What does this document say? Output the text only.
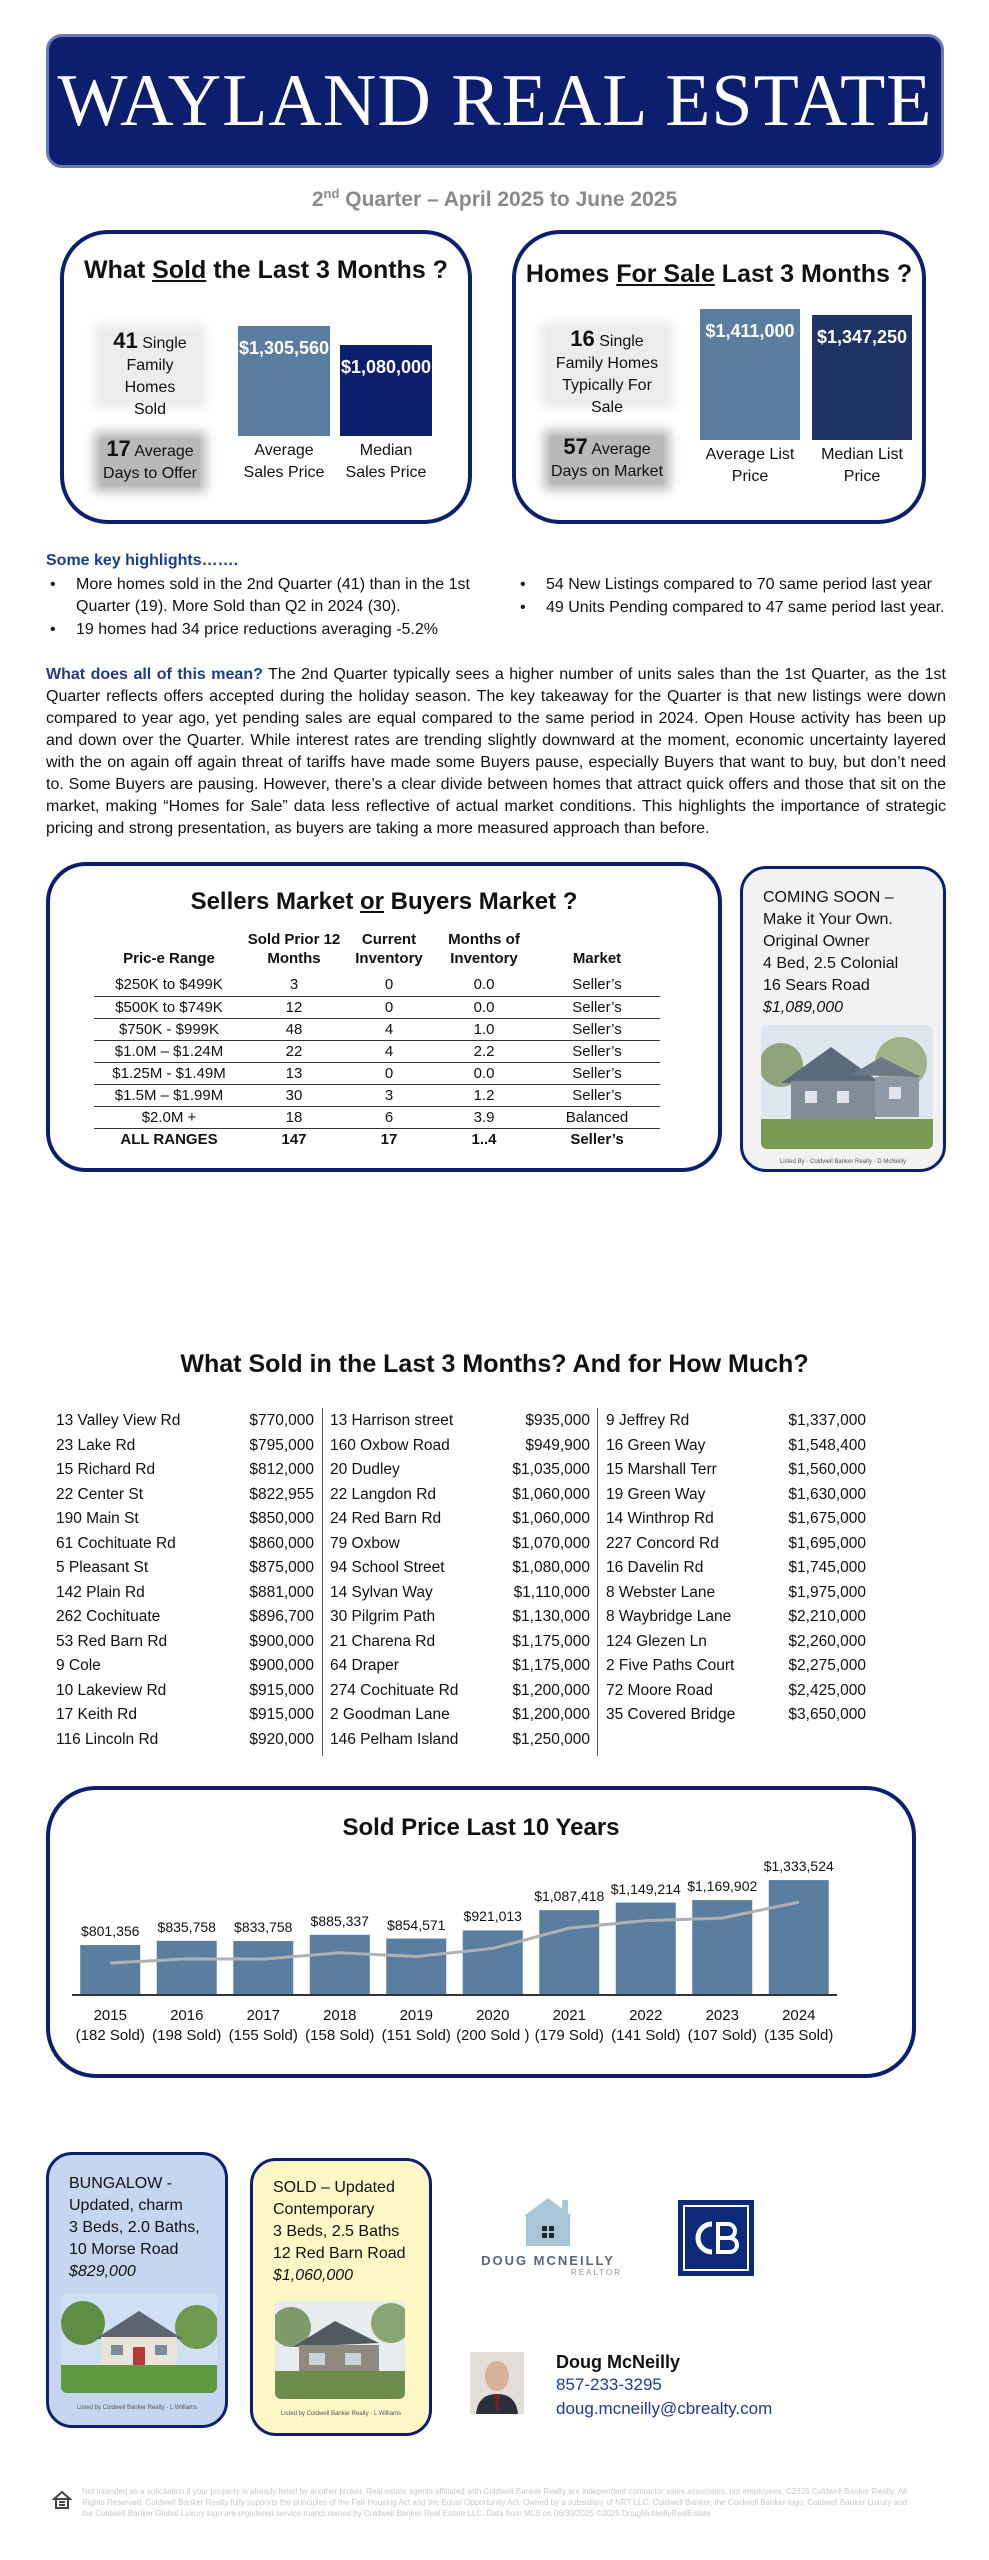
WAYLAND REAL ESTATE
2nd Quarter – April 2025 to June 2025
What Sold the Last 3 Months ?
41 Single
Family Homes
Sold
17 Average
Days to Offer
$1,305,560
$1,080,000
Average
Sales Price
Median
Sales Price
Homes For Sale Last 3 Months ?
16 Single
Family Homes
Typically For Sale
57 Average
Days on Market
$1,411,000 $1,347,250
Average List
Price
Median List
Price
Some key highlights…….
• More homes sold in the 2nd Quarter (41) than in the 1st Quarter (19). More Sold than Q2 in 2024 (30).
• 19 homes had 34 price reductions averaging -5.2%
• 54 New Listings compared to 70 same period last year
• 49 Units Pending compared to 47 same period last year.
What does all of this mean? The 2nd Quarter typically sees a higher number of units sales than the 1st Quarter, as the 1st Quarter reflects offers accepted during the holiday season. The key takeaway for the Quarter is that new listings were down compared to year ago, yet pending sales are equal compared to the same period in 2024. Open House activity has been up and down over the Quarter. While interest rates are trending slightly downward at the moment, economic uncertainty layered with the on again off again threat of tariffs have made some Buyers pause, especially Buyers that want to buy, but don’t need to. Some Buyers are pausing. However, there’s a clear divide between homes that attract quick offers and those that sit on the market, making “Homes for Sale” data less reflective of actual market conditions. This highlights the importance of strategic pricing and strong presentation, as buyers are taking a more measured approach than before.
Sellers Market or Buyers Market ?
Pric-e Range	Sold Prior 12 Months	Current Inventory	Months of Inventory	Market
$250K to $499K	3	0	0.0	Seller’s
$500K to $749K	12	0	0.0	Seller’s
$750K - $999K	48	4	1.0	Seller’s
$1.0M – $1.24M	22	4	2.2	Seller’s
$1.25M - $1.49M	13	0	0.0	Seller’s
$1.5M – $1.99M	30	3	1.2	Seller’s
$2.0M +	18	6	3.9	Balanced
ALL RANGES	147	17	1..4	Seller’s
COMING SOON –
Make it Your Own.
Original Owner
4 Bed, 2.5 Colonial
16 Sears Road
$1,089,000
Listed By - Coldwell Banker Realty - D McNeilly
What Sold in the Last 3 Months? And for How Much?
13 Valley View Rd	$770,000
23 Lake Rd	$795,000
15 Richard Rd	$812,000
22 Center St	$822,955
190 Main St	$850,000
61 Cochituate Rd	$860,000
5 Pleasant St	$875,000
142 Plain Rd	$881,000
262 Cochituate	$896,700
53 Red Barn Rd	$900,000
9 Cole	$900,000
10 Lakeview Rd	$915,000
17 Keith Rd	$915,000
116 Lincoln Rd	$920,000
13 Harrison street	$935,000
160 Oxbow Road	$949,900
20 Dudley	$1,035,000
22 Langdon Rd	$1,060,000
24 Red Barn Rd	$1,060,000
79 Oxbow	$1,070,000
94 School Street	$1,080,000
14 Sylvan Way	$1,110,000
30 Pilgrim Path	$1,130,000
21 Charena Rd	$1,175,000
64 Draper	$1,175,000
274 Cochituate Rd	$1,200,000
2 Goodman Lane	$1,200,000
146 Pelham Island	$1,250,000
9 Jeffrey Rd	$1,337,000
16 Green Way	$1,548,400
15 Marshall Terr	$1,560,000
19 Green Way	$1,630,000
14 Winthrop Rd	$1,675,000
227 Concord Rd	$1,695,000
16 Davelin Rd	$1,745,000
8 Webster Lane	$1,975,000
8 Waybridge Lane	$2,210,000
124 Glezen Ln	$2,260,000
2 Five Paths Court	$2,275,000
72 Moore Road	$2,425,000
35 Covered Bridge	$3,650,000
Sold Price Last 10 Years
$801,356
2015
(182 Sold)
$835,758
2016
(198 Sold)
$833,758
2017
(155 Sold)
$885,337
2018
(158 Sold)
$854,571
2019
(151 Sold)
$921,013
2020
(200 Sold )
$1,087,418
2021
(179 Sold)
$1,149,214
2022
(141 Sold)
$1,169,902
2023
(107 Sold)
$1,333,524
2024
(135 Sold)
BUNGALOW -
Updated, charm
3 Beds, 2.0 Baths,
10 Morse Road
$829,000
Listed by Coldwell Banker Realty - L Williams
SOLD – Updated
Contemporary
3 Beds, 2.5 Baths
12 Red Barn Road
$1,060,000
Listed by Coldwell Banker Realty - L Williams
DOUG MCNEILLY
REALTOR
Doug McNeilly
857-233-3295
doug.mcneilly@cbrealty.com
Not intended as a solicitation if your property is already listed by another broker. Real estate agents affiliated with Coldwell Banker Realty are independent contractor sales associates, not employees. ©2025 Coldwell Banker Realty. All Rights Reserved. Coldwell Banker Realty fully supports the principles of the Fair Housing Act and the Equal Opportunity Act. Owned by a subsidiary of NRT LLC. Coldwell Banker, the Coldwell Banker logo, Coldwell Banker Luxury and the Coldwell Banker Global Luxury logo are registered service marks owned by Coldwell Banker Real Estate LLC. Data from MLS on 06/30/2025 ©2025 DougMcNeillyRealEstate
